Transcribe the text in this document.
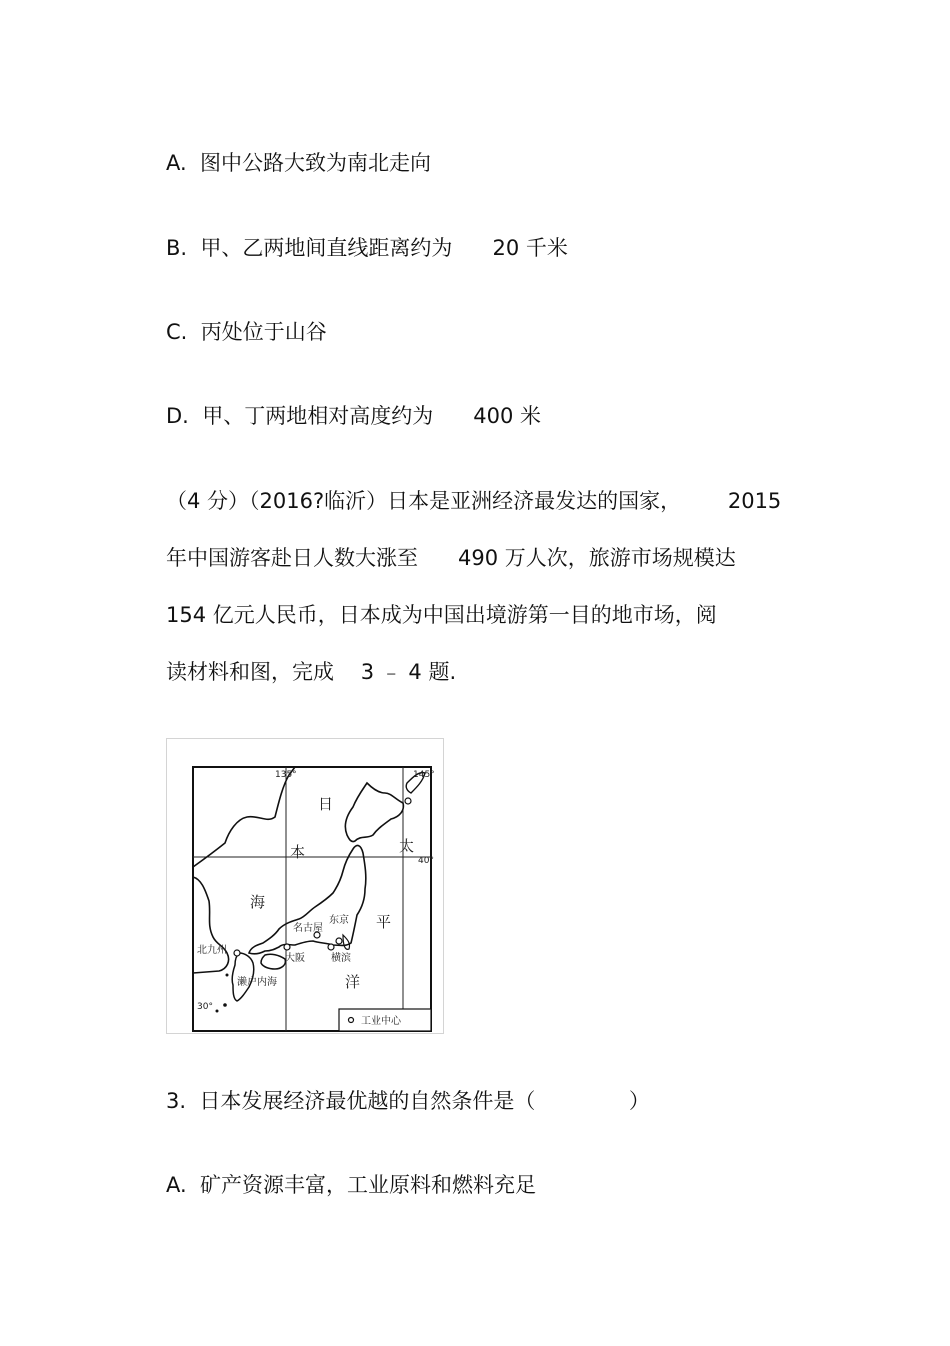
A.  图中公路大致为南北走向
B.  甲、乙两地间直线距离约为      20 千米
C.  丙处位于山谷
D.  甲、丁两地相对高度约为      400 米
（4 分）（2016?临沂）日本是亚洲经济最发达的国家，       2015
年中国游客赴日人数大涨至      490 万人次，旅游市场规模达
154 亿元人民币，日本成为中国出境游第一目的地市场，阅
读材料和图，完成    3 ﹣ 4 题.
135°	145°
40°
30°
日
本
海
太
平
洋
东京
名古屋
横滨
大阪
北九州
濑户内海
工业中心
3.  日本发展经济最优越的自然条件是（              ）
A.  矿产资源丰富，工业原料和燃料充足
